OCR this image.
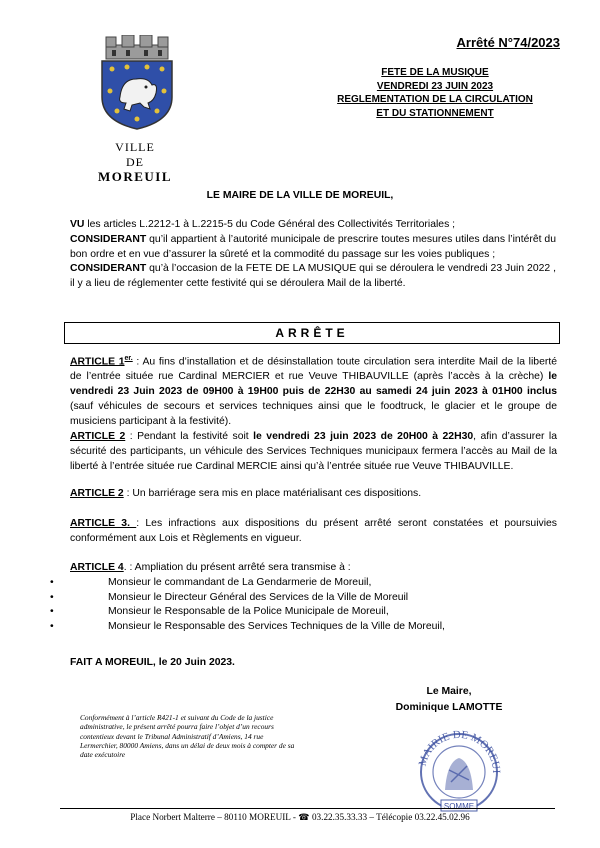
VILLE
DE
MOREUIL
Arrêté N°74/2023
FETE DE LA MUSIQUE
VENDREDI 23 JUIN 2023
REGLEMENTATION DE LA CIRCULATION
ET DU STATIONNEMENT
LE MAIRE DE LA VILLE DE MOREUIL,

VU les articles L.2212-1 à L.2215-5 du Code Général des Collectivités Territoriales ;

CONSIDERANT qu’il appartient à l’autorité municipale de prescrire toutes mesures utiles dans l’intérêt du bon ordre et en vue d’assurer la sûreté et la commodité du passage sur les voies publiques ;

CONSIDERANT qu’à l’occasion de la FETE DE LA MUSIQUE qui se déroulera le vendredi 23 Juin 2022 , il y a lieu de réglementer cette festivité qui se déroulera Mail de la liberté.

ARRÊTE

ARTICLE $1^{er.}$ : Au fins d’installation et de désinstallation toute circulation sera interdite Mail de la liberté de l’entrée située rue Cardinal MERCIER et rue Veuve THIBAUVILLE (après l’accès à la crèche) le vendredi 23 Juin 2023 de 09H00 à 19H00 puis de 22H30 au samedi 24 juin 2023 à 01H00 inclus (sauf véhicules de secours et services techniques ainsi que le foodtruck, le glacier et le groupe de musiciens participant à la festivité).

ARTICLE 2 : Pendant la festivité soit le vendredi 23 juin 2023 de 20H00 à 22H30, afin d’assurer la sécurité des participants, un véhicule des Services Techniques municipaux fermera l’accès au Mail de la liberté à l’entrée située rue Cardinal MERCIE ainsi qu’à l’entrée située rue Veuve THIBAUVILLE.

ARTICLE 2 : Un barriérage sera mis en place matérialisant ces dispositions.

ARTICLE 3. : Les infractions aux dispositions du présent arrêté seront constatées et poursuivies conformément aux Lois et Règlements en vigueur.

ARTICLE 4. : Ampliation du présent arrêté sera transmise à :

• Monsieur le commandant de La Gendarmerie de Moreuil,
• Monsieur le Directeur Général des Services de la Ville de Moreuil
• Monsieur le Responsable de la Police Municipale de Moreuil,
• Monsieur le Responsable des Services Techniques de la Ville de Moreuil,
FAIT A MOREUIL, le 20 Juin 2023.
Le Maire,
Dominique LAMOTTE
Conformément à l’article R421-1 et suivant du Code de la justice administrative, le présent arrêté pourra faire l’objet d’un recours contentieux devant le Tribunal Administratif d’Amiens, 14 rue Lermerchier, 80000 Amiens, dans un délai de deux mois à compter de sa date exécutoire
MAIRIE DE MOREUI
SOMME
Place Norbert Malterre – 80110 MOREUIL - ☎ 03.22.35.33.33 – Télécopie 03.22.45.02.96
